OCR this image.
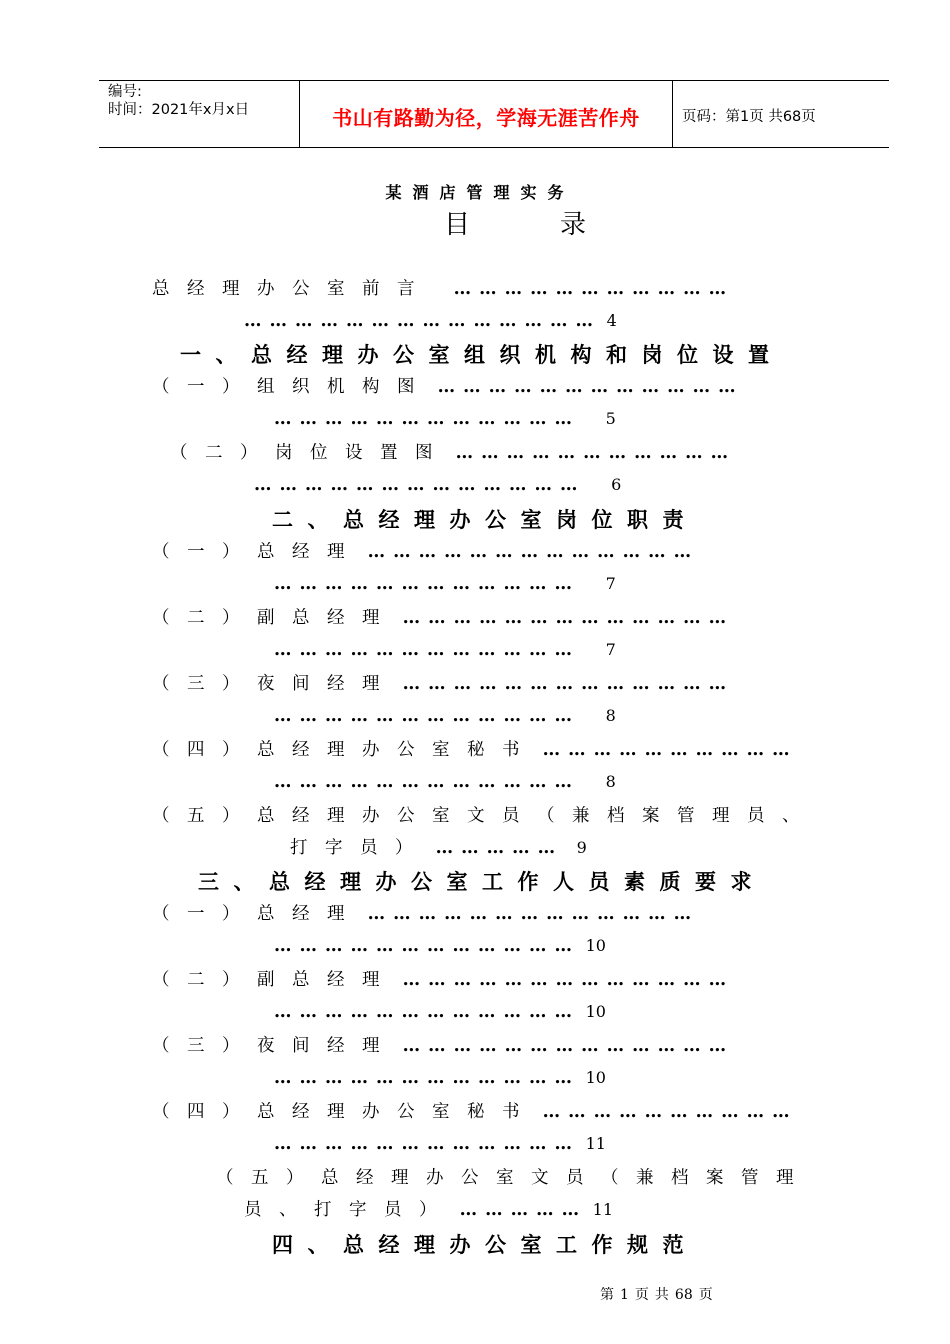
编号:
时间：2021年x月x日	书山有路勤为径，学海无涯苦作舟	页码：第1页 共68页
某酒店管理实务
目录
总经理办公室前言 ……………………………
…………………………………… 4
一、总经理办公室组织机构和岗位设置
（一）组织机构图 ………………………………
……………………………… 5
（二）岗位设置图 ……………………………
………………………………… 6
二、总经理办公室岗位职责
（一）总经理 …………………………………
……………………………… 7
（二）副总经理 …………………………………
……………………………… 7
（三）夜间经理 …………………………………
……………………………… 8
（四）总经理办公室秘书 …………………………
……………………………… 8
（五）总经理办公室文员（兼档案管理员、
打字员） …………… 9
三、总经理办公室工作人员素质要求
（一）总经理 …………………………………
……………………………… 10
（二）副总经理 …………………………………
……………………………… 10
（三）夜间经理 …………………………………
……………………………… 10
（四）总经理办公室秘书 …………………………
……………………………… 11
（五）总经理办公室文员（兼档案管理
员、打字员） …………… 11
四、总经理办公室工作规范
第 1 页 共 68 页
